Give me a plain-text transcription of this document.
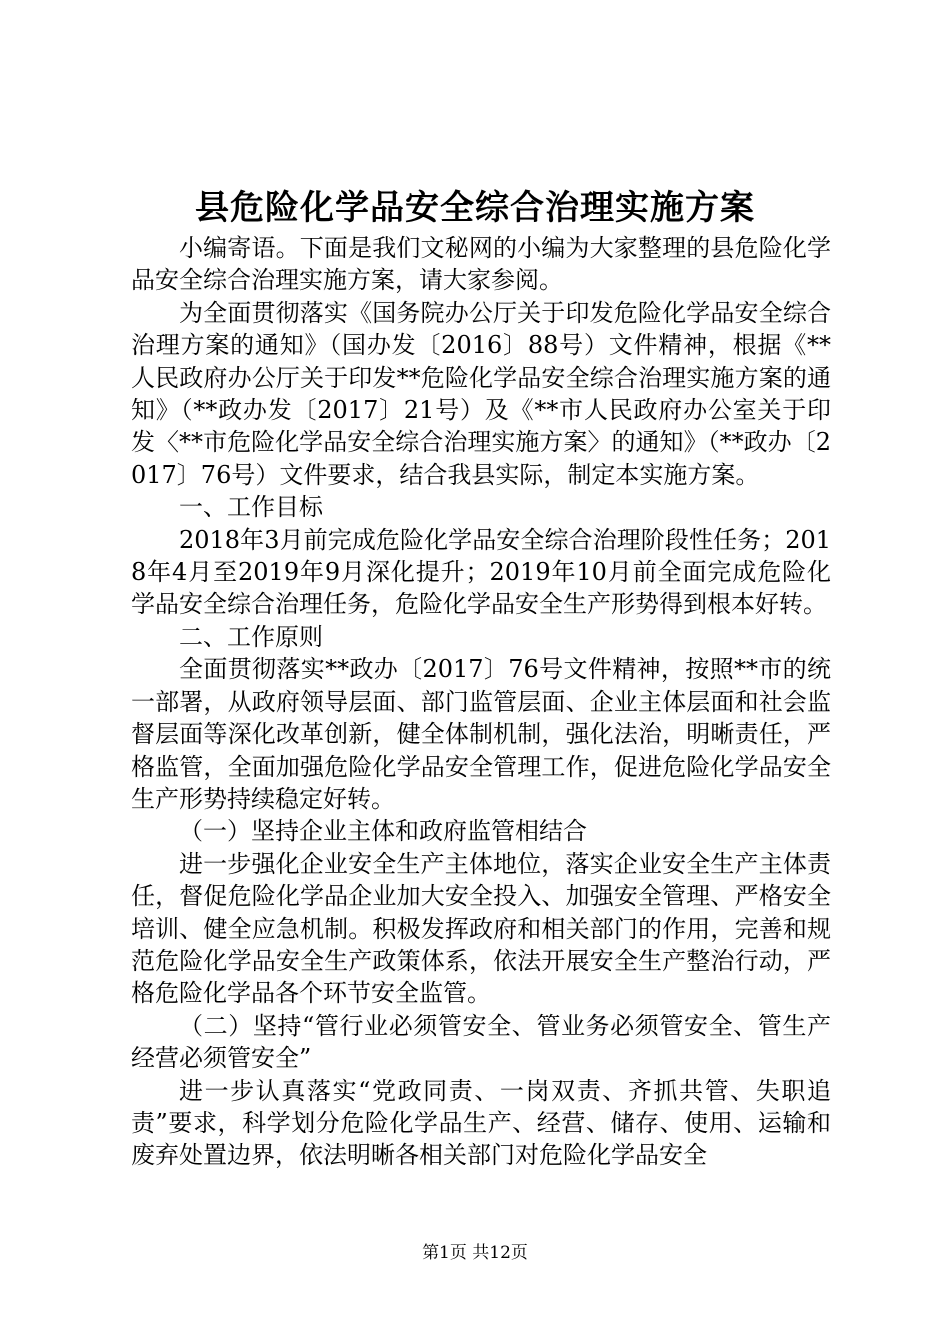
县危险化学品安全综合治理实施方案

小编寄语。下面是我们文秘网的小编为大家整理的县危险化学品安全综合治理实施方案，请大家参阅。

为全面贯彻落实《国务院办公厅关于印发危险化学品安全综合治理方案的通知》（国办发〔2016〕88号）文件精神，根据《**人民政府办公厅关于印发**危险化学品安全综合治理实施方案的通知》（**政办发〔2017〕21号）及《**市人民政府办公室关于印发〈**市危险化学品安全综合治理实施方案〉的通知》（**政办〔2017〕76号）文件要求，结合我县实际，制定本实施方案。

一、工作目标

2018年3月前完成危险化学品安全综合治理阶段性任务；2018年4月至2019年9月深化提升；2019年10月前全面完成危险化学品安全综合治理任务，危险化学品安全生产形势得到根本好转。

二、工作原则

全面贯彻落实**政办〔2017〕76号文件精神，按照**市的统一部署，从政府领导层面、部门监管层面、企业主体层面和社会监督层面等深化改革创新，健全体制机制，强化法治，明晰责任，严格监管，全面加强危险化学品安全管理工作，促进危险化学品安全生产形势持续稳定好转。

（一）坚持企业主体和政府监管相结合

进一步强化企业安全生产主体地位，落实企业安全生产主体责任，督促危险化学品企业加大安全投入、加强安全管理、严格安全培训、健全应急机制。积极发挥政府和相关部门的作用，完善和规范危险化学品安全生产政策体系，依法开展安全生产整治行动，严格危险化学品各个环节安全监管。

（二）坚持“管行业必须管安全、管业务必须管安全、管生产经营必须管安全”

进一步认真落实“党政同责、一岗双责、齐抓共管、失职追责”要求，科学划分危险化学品生产、经营、储存、使用、运输和废弃处置边界，依法明晰各相关部门对危险化学品安全

第1页 共12页
